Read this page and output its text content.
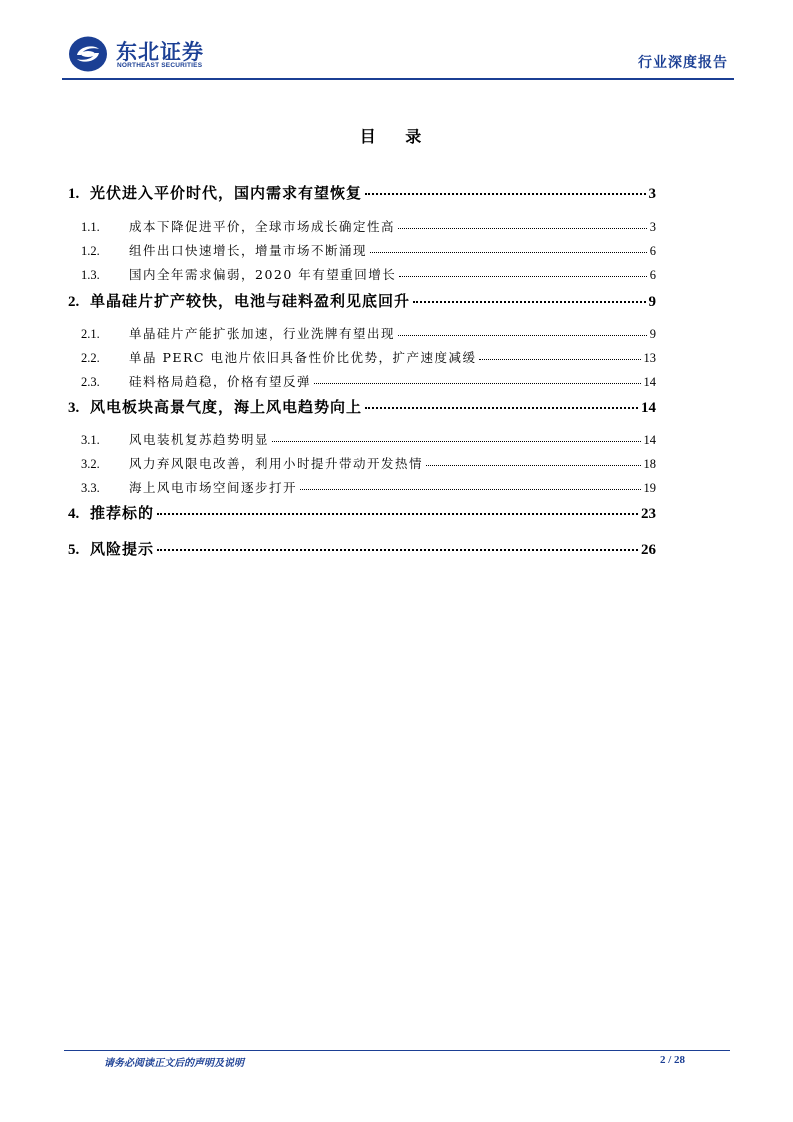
东北证券
NORTHEAST SECURITIES	行业深度报告
目 录
1. 光伏进入平价时代，国内需求有望恢复	3
1.1.	成本下降促进平价，全球市场成长确定性高	3
1.2.	组件出口快速增长，增量市场不断涌现	6
1.3.	国内全年需求偏弱，2020 年有望重回增长	6
2. 单晶硅片扩产较快，电池与硅料盈利见底回升	9
2.1.	单晶硅片产能扩张加速，行业洗牌有望出现	9
2.2.	单晶 PERC 电池片依旧具备性价比优势，扩产速度减缓	13
2.3.	硅料格局趋稳，价格有望反弹	14
3. 风电板块高景气度，海上风电趋势向上	14
3.1.	风电装机复苏趋势明显	14
3.2.	风力弃风限电改善，利用小时提升带动开发热情	18
3.3.	海上风电市场空间逐步打开	19
4. 推荐标的	23
5. 风险提示	26
请务必阅读正文后的声明及说明	2 / 28
